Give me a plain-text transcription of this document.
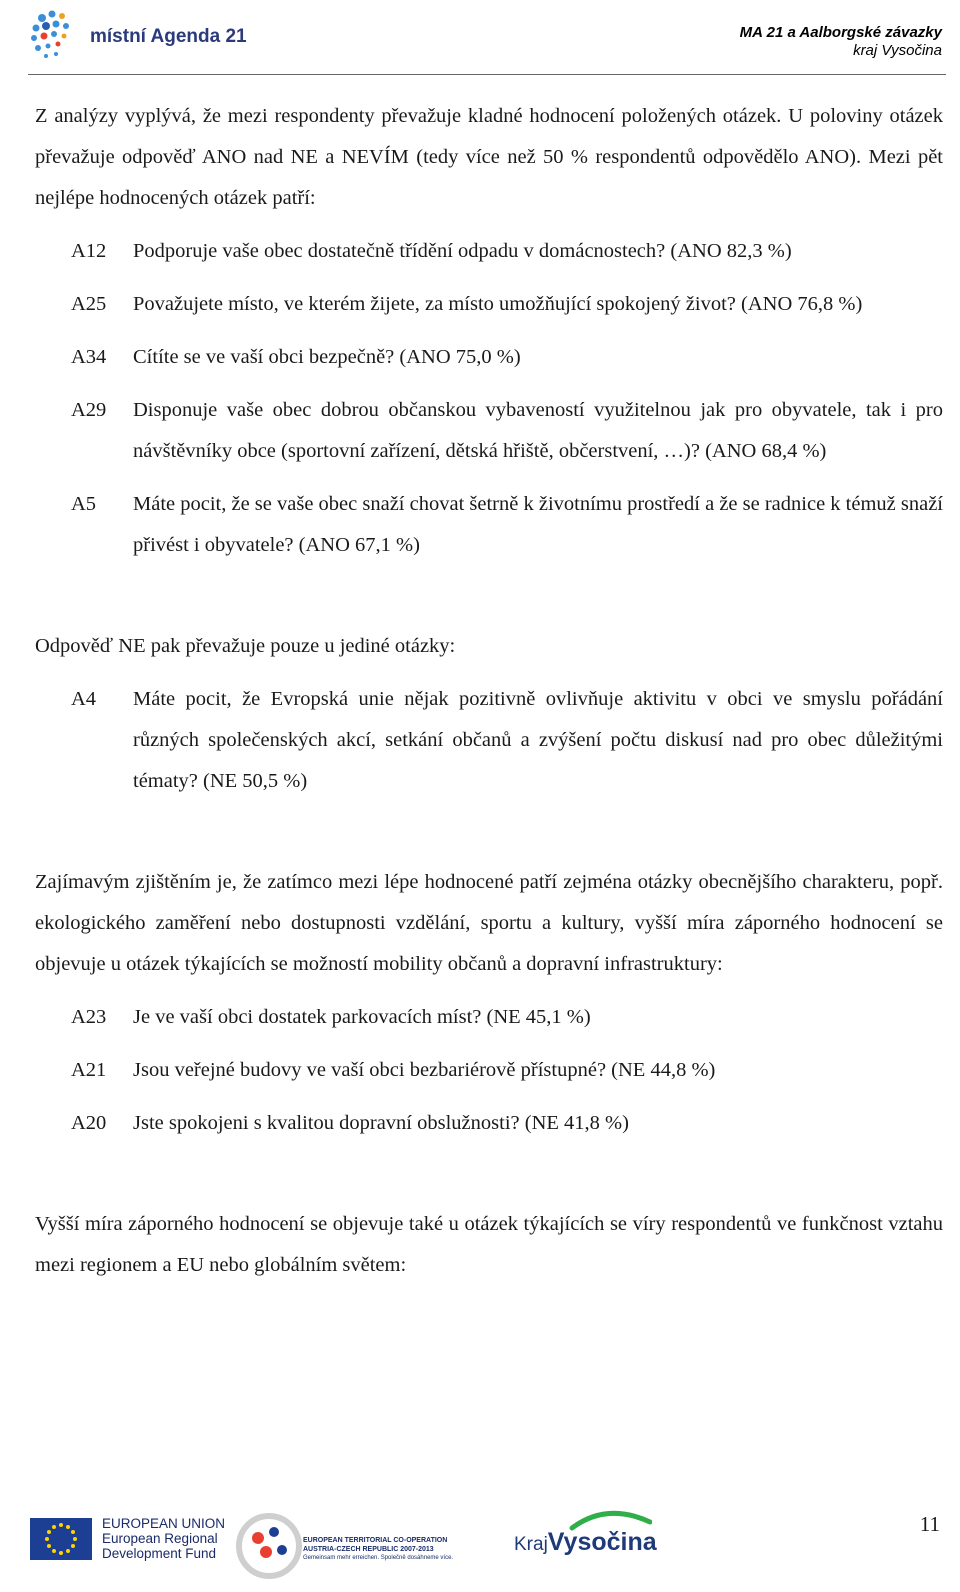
místní Agenda 21	MA 21 a Aalborgské závazky
kraj Vysočina

Z analýzy vyplývá, že mezi respondenty převažuje kladné hodnocení položených otázek. U poloviny otázek převažuje odpověď ANO nad NE a NEVÍM (tedy více než 50 % respondentů odpovědělo ANO). Mezi pět nejlépe hodnocených otázek patří:

A12	Podporuje vaše obec dostatečně třídění odpadu v domácnostech? (ANO 82,3 %)
A25	Považujete místo, ve kterém žijete, za místo umožňující spokojený život? (ANO 76,8 %)
A34	Cítíte se ve vaší obci bezpečně? (ANO 75,0 %)
A29	Disponuje vaše obec dobrou občanskou vybaveností využitelnou jak pro obyvatele, tak i pro návštěvníky obce (sportovní zařízení, dětská hřiště, občerstvení, …)? (ANO 68,4 %)
A5	Máte pocit, že se vaše obec snaží chovat šetrně k životnímu prostředí a že se radnice k témuž snaží přivést i obyvatele? (ANO 67,1 %)

Odpověď NE pak převažuje pouze u jediné otázky:

A4	Máte pocit, že Evropská unie nějak pozitivně ovlivňuje aktivitu v obci ve smyslu pořádání různých společenských akcí, setkání občanů a zvýšení počtu diskusí nad pro obec důležitými tématy? (NE 50,5 %)

Zajímavým zjištěním je, že zatímco mezi lépe hodnocené patří zejména otázky obecnějšího charakteru, popř. ekologického zaměření nebo dostupnosti vzdělání, sportu a kultury, vyšší míra záporného hodnocení se objevuje u otázek týkajících se možností mobility občanů a dopravní infrastruktury:

A23	Je ve vaší obci dostatek parkovacích míst? (NE 45,1 %)
A21	Jsou veřejné budovy ve vaší obci bezbariérově přístupné? (NE 44,8 %)
A20	Jste spokojeni s kvalitou dopravní obslužnosti? (NE 41,8 %)

Vyšší míra záporného hodnocení se objevuje také u otázek týkajících se víry respondentů ve funkčnost vztahu mezi regionem a EU nebo globálním světem:

EUROPEAN UNION
European Regional
Development Fund
EUROPEAN TERRITORIAL CO-OPERATION
AUSTRIA-CZECH REPUBLIC 2007-2013
Gemeinsam mehr erreichen. Společně dosáhneme více.
KrajVysočina
11
